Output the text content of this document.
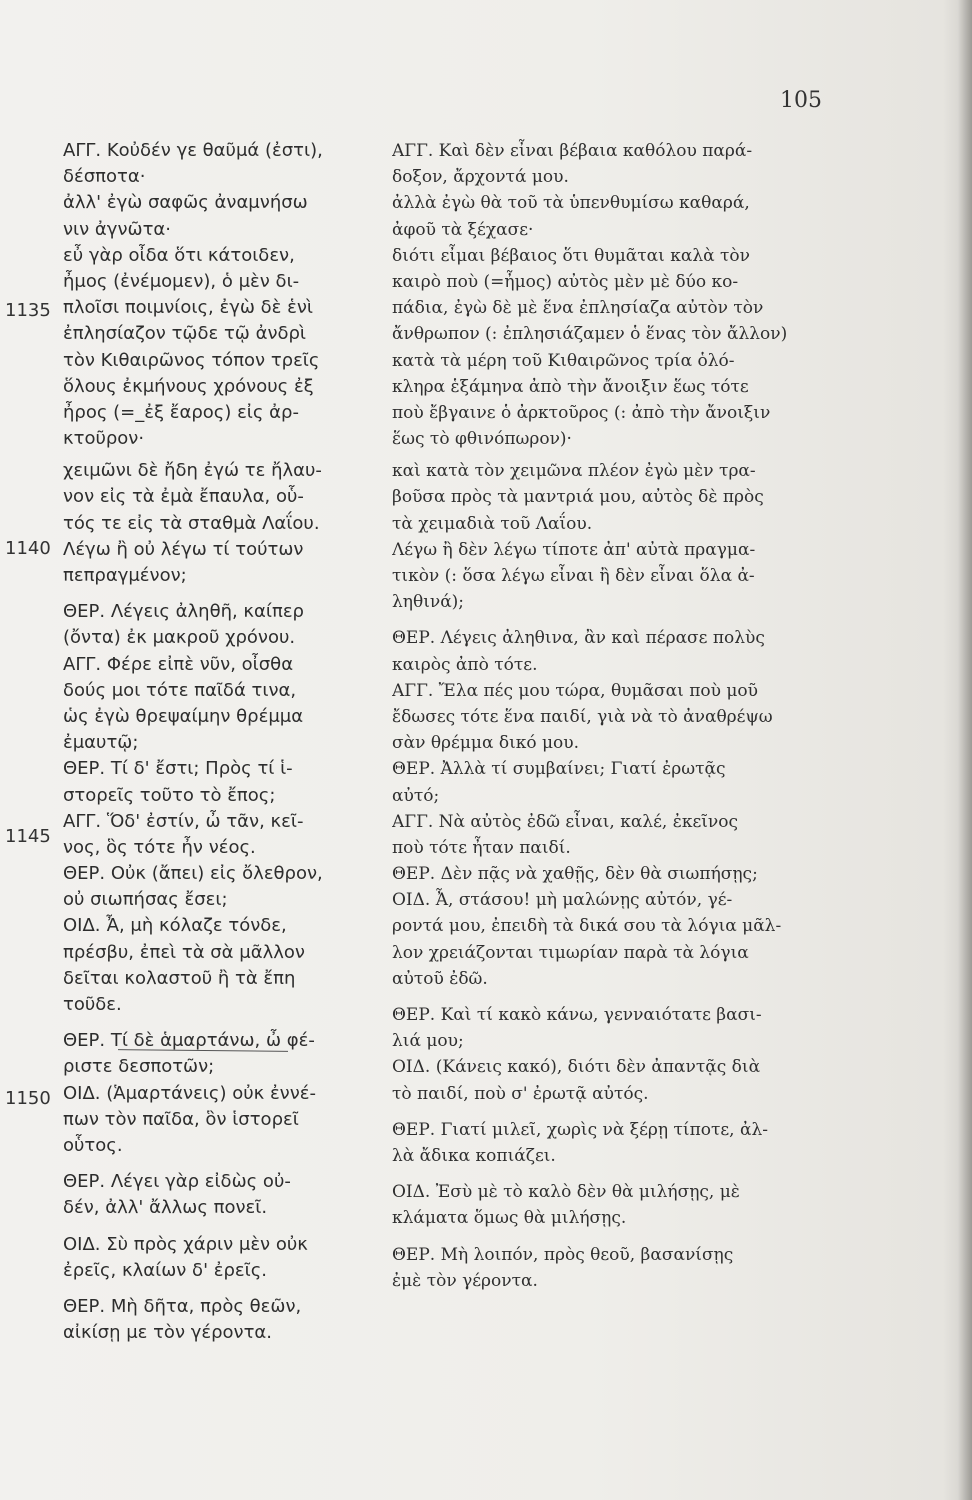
105
1135
1140
1145
1150
ΑΓΓ. Κοὐδέν γε θαῦμά (ἐστι),
δέσποτα·
ἀλλ' ἐγὼ σαφῶς ἀναμνήσω
νιν ἀγνῶτα·
εὖ γὰρ οἶδα ὅτι κάτοιδεν,
ἦμος (ἐνέμομεν), ὁ μὲν δι-
πλοῖσι ποιμνίοις, ἐγὼ δὲ ἑνὶ
ἐπλησίαζον τῷδε τῷ ἀνδρὶ
τὸν Κιθαιρῶνος τόπον τρεῖς
ὅλους ἐκμήνους χρόνους ἐξ
ἦρος (=_ἐξ ἔαρος) εἰς ἀρ-
κτοῦρον·
χειμῶνι δὲ ἤδη ἐγώ τε ἤλαυ-
νον εἰς τὰ ἐμὰ ἔπαυλα, οὗ-
τός τε εἰς τὰ σταθμὰ Λαΐου.
Λέγω ἢ οὐ λέγω τί τούτων
πεπραγμένον;
ΘΕΡ. Λέγεις ἀληθῆ, καίπερ
(ὄντα) ἐκ μακροῦ χρόνου.
ΑΓΓ. Φέρε εἰπὲ νῦν, οἶσθα
δούς μοι τότε παῖδά τινα,
ὡς ἐγὼ θρεψαίμην θρέμμα
ἐμαυτῷ;
ΘΕΡ. Τί δ' ἔστι; Πρὸς τί ἱ-
στορεῖς τοῦτο τὸ ἔπος;
ΑΓΓ. Ὅδ' ἐστίν, ὦ τᾶν, κεῖ-
νος, ὃς τότε ἦν νέος.
ΘΕΡ. Οὐκ (ἄπει) εἰς ὄλεθρον,
οὐ σιωπήσας ἔσει;
ΟΙΔ. Ἆ, μὴ κόλαζε τόνδε,
πρέσβυ, ἐπεὶ τὰ σὰ μᾶλλον
δεῖται κολαστοῦ ἢ τὰ ἔπη
τοῦδε.
ΘΕΡ. Τί δὲ ἁμαρτάνω, ὦ φέ-
ριστε δεσποτῶν;
ΟΙΔ. (Ἁμαρτάνεις) οὐκ ἐννέ-
πων τὸν παῖδα, ὃν ἱστορεῖ
οὗτος.
ΘΕΡ. Λέγει γὰρ εἰδὼς οὐ-
δέν, ἀλλ' ἄλλως πονεῖ.
ΟΙΔ. Σὺ πρὸς χάριν μὲν οὐκ
ἐρεῖς, κλαίων δ' ἐρεῖς.
ΘΕΡ. Μὴ δῆτα, πρὸς θεῶν,
αἰκίσῃ με τὸν γέροντα.
ΑΓΓ. Καὶ δὲν εἶναι βέβαια καθόλου παρά-
δοξον, ἄρχοντά μου.
ἀλλὰ ἐγὼ θὰ τοῦ τὰ ὑπενθυμίσω καθαρά,
ἀφοῦ τὰ ξέχασε·
διότι εἶμαι βέβαιος ὅτι θυμᾶται καλὰ τὸν
καιρὸ ποὺ (=ἦμος) αὐτὸς μὲν μὲ δύο κο-
πάδια, ἐγὼ δὲ μὲ ἕνα ἐπλησίαζα αὐτὸν τὸν
ἄνθρωπον (: ἐπλησιάζαμεν ὁ ἕνας τὸν ἄλλον)
κατὰ τὰ μέρη τοῦ Κιθαιρῶνος τρία ὁλό-
κληρα ἑξάμηνα ἀπὸ τὴν ἄνοιξιν ἕως τότε
ποὺ ἔβγαινε ὁ ἀρκτοῦρος (: ἀπὸ τὴν ἄνοιξιν
ἕως τὸ φθινόπωρον)·
καὶ κατὰ τὸν χειμῶνα πλέον ἐγὼ μὲν τρα-
βοῦσα πρὸς τὰ μαντριά μου, αὐτὸς δὲ πρὸς
τὰ χειμαδιὰ τοῦ Λαΐου.
Λέγω ἢ δὲν λέγω τίποτε ἀπ' αὐτὰ πραγμα-
τικὸν (: ὅσα λέγω εἶναι ἢ δὲν εἶναι ὅλα ἀ-
ληθινά);
ΘΕΡ. Λέγεις ἀληθινα, ἂν καὶ πέρασε πολὺς
καιρὸς ἀπὸ τότε.
ΑΓΓ. Ἔλα πές μου τώρα, θυμᾶσαι ποὺ μοῦ
ἔδωσες τότε ἕνα παιδί, γιὰ νὰ τὸ ἀναθρέψω
σὰν θρέμμα δικό μου.
ΘΕΡ. Ἀλλὰ τί συμβαίνει; Γιατί ἐρωτᾷς
αὐτό;
ΑΓΓ. Νὰ αὐτὸς ἐδῶ εἶναι, καλέ, ἐκεῖνος
ποὺ τότε ἦταν παιδί.
ΘΕΡ. Δὲν πᾷς νὰ χαθῇς, δὲν θὰ σιωπήσῃς;
ΟΙΔ. Ἆ, στάσου! μὴ μαλώνῃς αὐτόν, γέ-
ροντά μου, ἐπειδὴ τὰ δικά σου τὰ λόγια μᾶλ-
λον χρειάζονται τιμωρίαν παρὰ τὰ λόγια
αὐτοῦ ἐδῶ.
ΘΕΡ. Καὶ τί κακὸ κάνω, γενναιότατε βασι-
λιά μου;
ΟΙΔ. (Κάνεις κακό), διότι δὲν ἀπαντᾷς διὰ
τὸ παιδί, ποὺ σ' ἐρωτᾷ αὐτός.
ΘΕΡ. Γιατί μιλεῖ, χωρὶς νὰ ξέρῃ τίποτε, ἀλ-
λὰ ἄδικα κοπιάζει.
ΟΙΔ. Ἐσὺ μὲ τὸ καλὸ δὲν θὰ μιλήσῃς, μὲ
κλάματα ὅμως θὰ μιλήσῃς.
ΘΕΡ. Μὴ λοιπόν, πρὸς θεοῦ, βασανίσῃς
ἐμὲ τὸν γέροντα.
